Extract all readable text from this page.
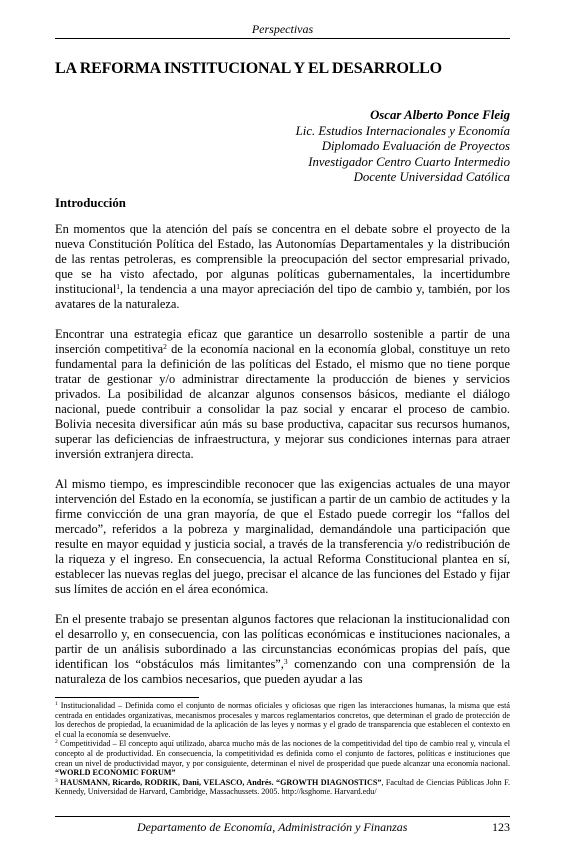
Perspectivas
LA REFORMA INSTITUCIONAL Y EL DESARROLLO
Oscar Alberto Ponce Fleig
Lic. Estudios Internacionales y Economía
Diplomado Evaluación de Proyectos
Investigador Centro Cuarto Intermedio
Docente Universidad Católica
Introducción

En momentos que la atención del país se concentra en el debate sobre el proyecto de la nueva Constitución Política del Estado, las Autonomías Departamentales y la distribución de las rentas petroleras, es comprensible la preocupación del sector empresarial privado, que se ha visto afectado, por algunas políticas gubernamentales, la incertidumbre institucional$^1$, la tendencia a una mayor apreciación del tipo de cambio y, también, por los avatares de la naturaleza.

Encontrar una estrategia eficaz que garantice un desarrollo sostenible a partir de una inserción competitiva$^2$ de la economía nacional en la economía global, constituye un reto fundamental para la definición de las políticas del Estado, el mismo que no tiene porque tratar de gestionar y/o administrar directamente la producción de bienes y servicios privados. La posibilidad de alcanzar algunos consensos básicos, mediante el diálogo nacional, puede contribuir a consolidar la paz social y encarar el proceso de cambio. Bolivia necesita diversificar aún más su base productiva, capacitar sus recursos humanos, superar las deficiencias de infraestructura, y mejorar sus condiciones internas para atraer inversión extranjera directa.

Al mismo tiempo, es imprescindible reconocer que las exigencias actuales de una mayor intervención del Estado en la economía, se justifican a partir de un cambio de actitudes y la firme convicción de una gran mayoría, de que el Estado puede corregir los “fallos del mercado”, referidos a la pobreza y marginalidad, demandándole una participación que resulte en mayor equidad y justicia social, a través de la transferencia y/o redistribución de la riqueza y el ingreso. En consecuencia, la actual Reforma Constitucional plantea en sí, establecer las nuevas reglas del juego, precisar el alcance de las funciones del Estado y fijar sus límites de acción en el área económica.

En el presente trabajo se presentan algunos factores que relacionan la institucionalidad con el desarrollo y, en consecuencia, con las políticas económicas e instituciones nacionales, a partir de un análisis subordinado a las circunstancias económicas propias del país, que identifican los “obstáculos más limitantes”,$^3$ comenzando con una comprensión de la naturaleza de los cambios necesarios, que pueden ayudar a las

$^1$ Institucionalidad – Definida como el conjunto de normas oficiales y oficiosas que rigen las interacciones humanas, la misma que está centrada en entidades organizativas, mecanismos procesales y marcos reglamentarios concretos, que determinan el grado de protección de los derechos de propiedad, la ecuanimidad de la aplicación de las leyes y normas y el grado de transparencia que establecen el contexto en el cual la economía se desenvuelve.

$^2$ Competitividad – El concepto aquí utilizado, abarca mucho más de las nociones de la competitividad del tipo de cambio real y, vincula el concepto al de productividad. En consecuencia, la competitividad es definida como el conjunto de factores, políticas e instituciones que crean un nivel de productividad mayor, y por consiguiente, determinan el nivel de prosperidad que puede alcanzar una economía nacional. “WORLD ECONOMIC FORUM”

$^3$ HAUSMANN, Ricardo, RODRIK, Dani, VELASCO, Andrés. “GROWTH DIAGNOSTICS”, Facultad de Ciencias Públicas John F. Kennedy, Universidad de Harvard, Cambridge, Massachussets. 2005. http://ksghome. Harvard.edu/

Departamento de Economía, Administración y Finanzas	123
